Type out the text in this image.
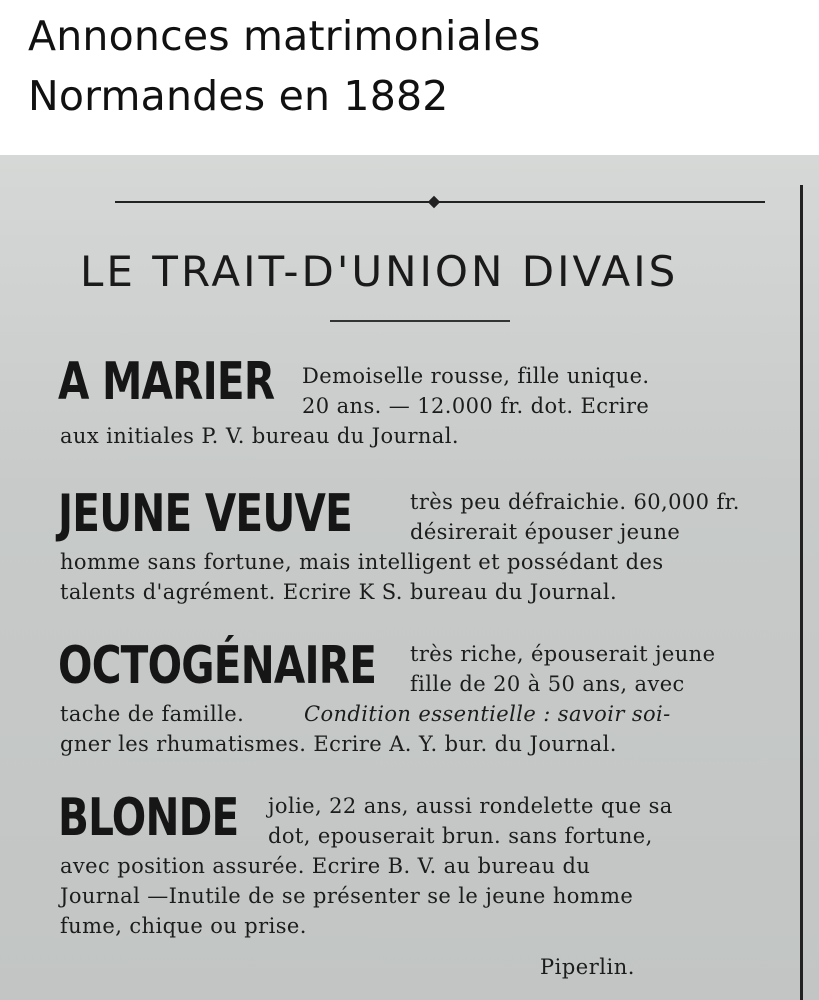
Annonces matrimoniales
Normandes en 1882
LE TRAIT-D'UNION DIVAIS
A MARIER Demoiselle rousse, fille unique.
20 ans. — 12.000 fr. dot. Ecrire
aux initiales P. V. bureau du Journal.
JEUNE VEUVE	très peu défraichie. 60,000 fr.
désirerait épouser jeune
homme sans fortune, mais intelligent et possédant des
talents d'agrément. Ecrire K S. bureau du Journal.
OCTOGÉNAIRE très riche, épouserait jeune
fille de 20 à 50 ans, avec
tache de famille.	Condition essentielle : savoir soi-
gner les rhumatismes. Ecrire A. Y. bur. du Journal.
BLONDE jolie, 22 ans, aussi rondelette que sa
dot, epouserait brun. sans fortune,
avec position assurée. Ecrire B. V. au bureau du
Journal —Inutile de se présenter se le jeune homme
fume, chique ou prise.
Piperlin.
